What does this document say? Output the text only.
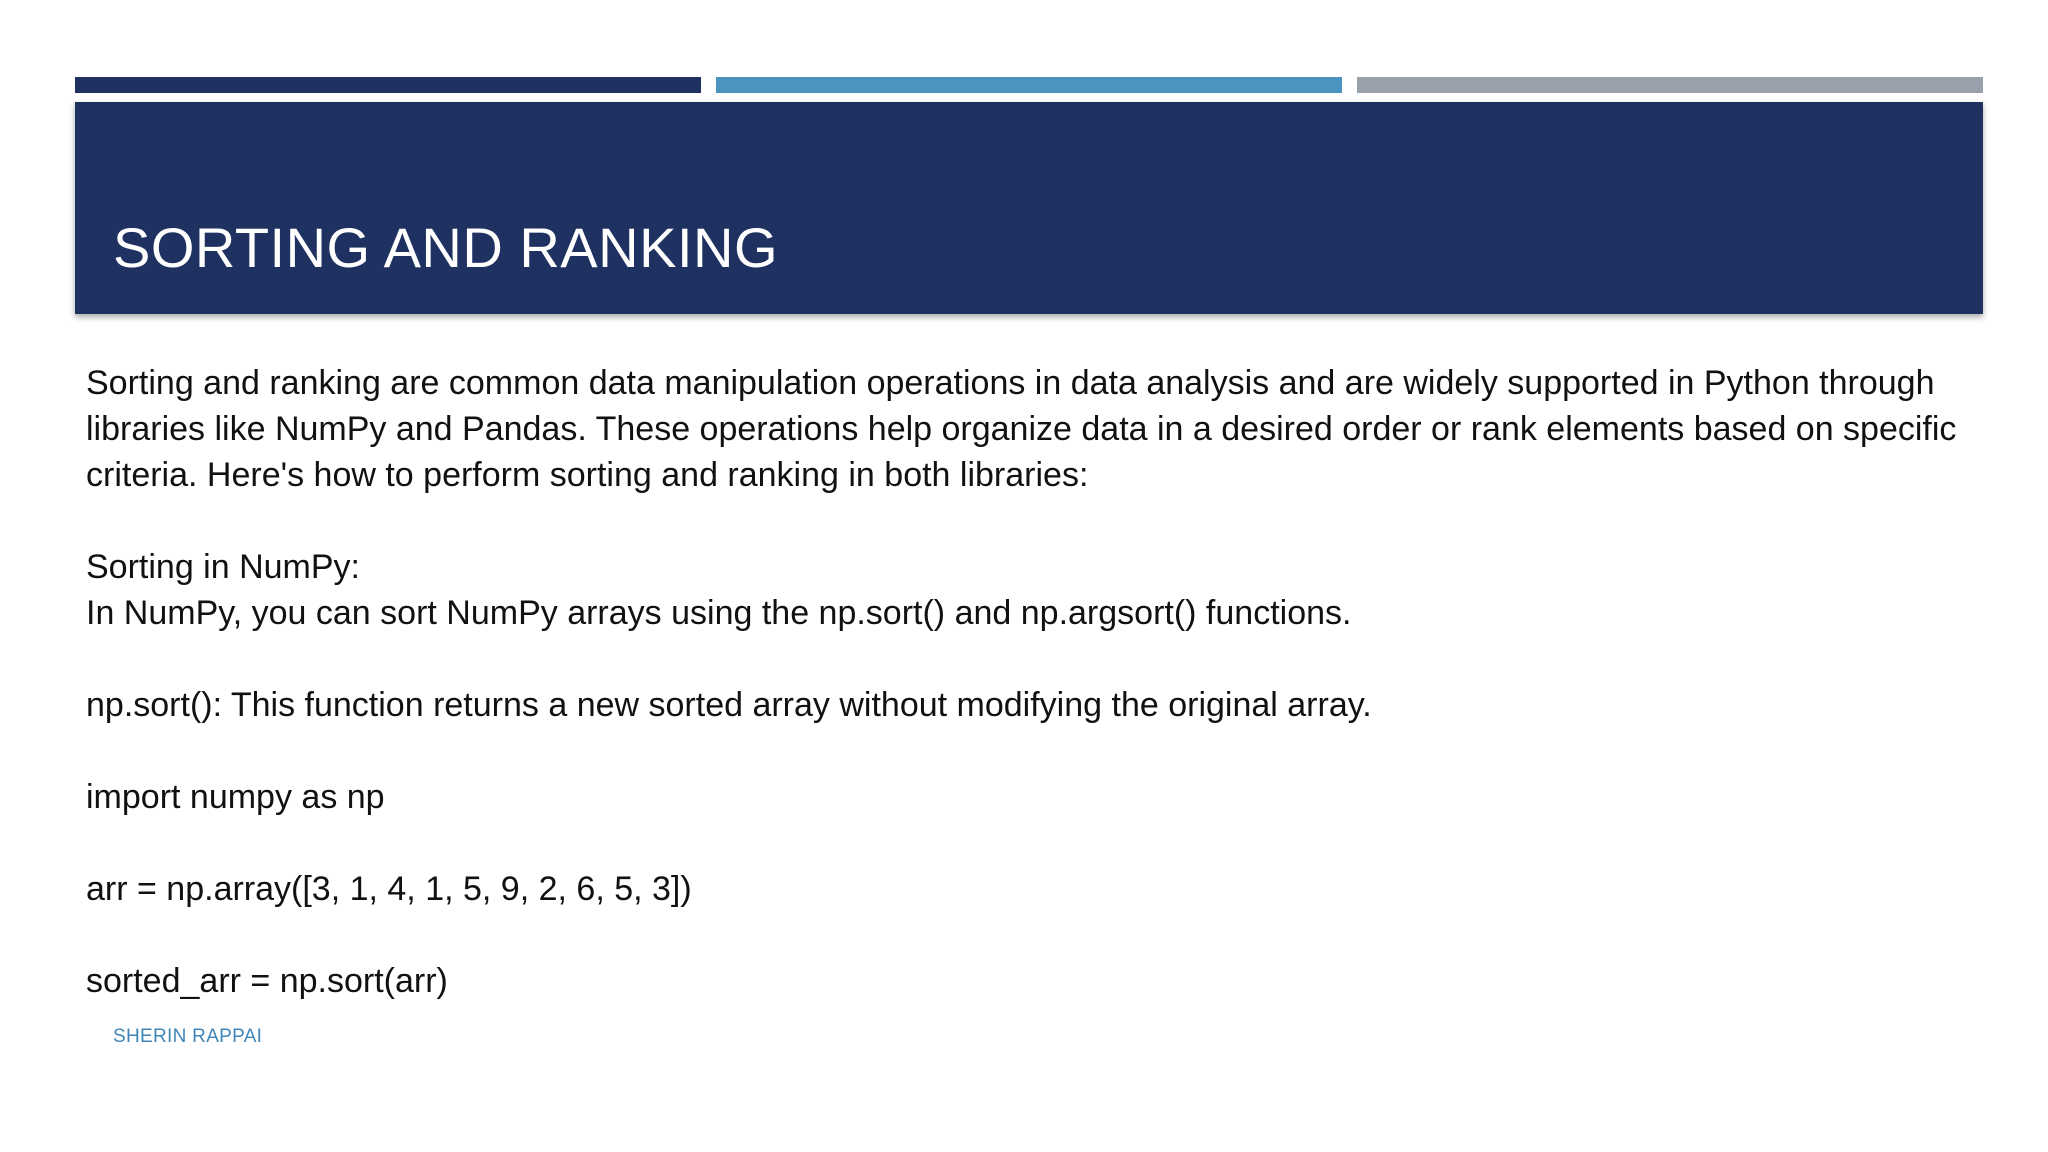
SORTING AND RANKING

Sorting and ranking are common data manipulation operations in data analysis and are widely supported in Python through libraries like NumPy and Pandas. These operations help organize data in a desired order or rank elements based on specific criteria. Here's how to perform sorting and ranking in both libraries:

Sorting in NumPy:

In NumPy, you can sort NumPy arrays using the np.sort() and np.argsort() functions.

np.sort(): This function returns a new sorted array without modifying the original array.

import numpy as np

arr = np.array([3, 1, 4, 1, 5, 9, 2, 6, 5, 3])

sorted_arr = np.sort(arr)

SHERIN RAPPAI
